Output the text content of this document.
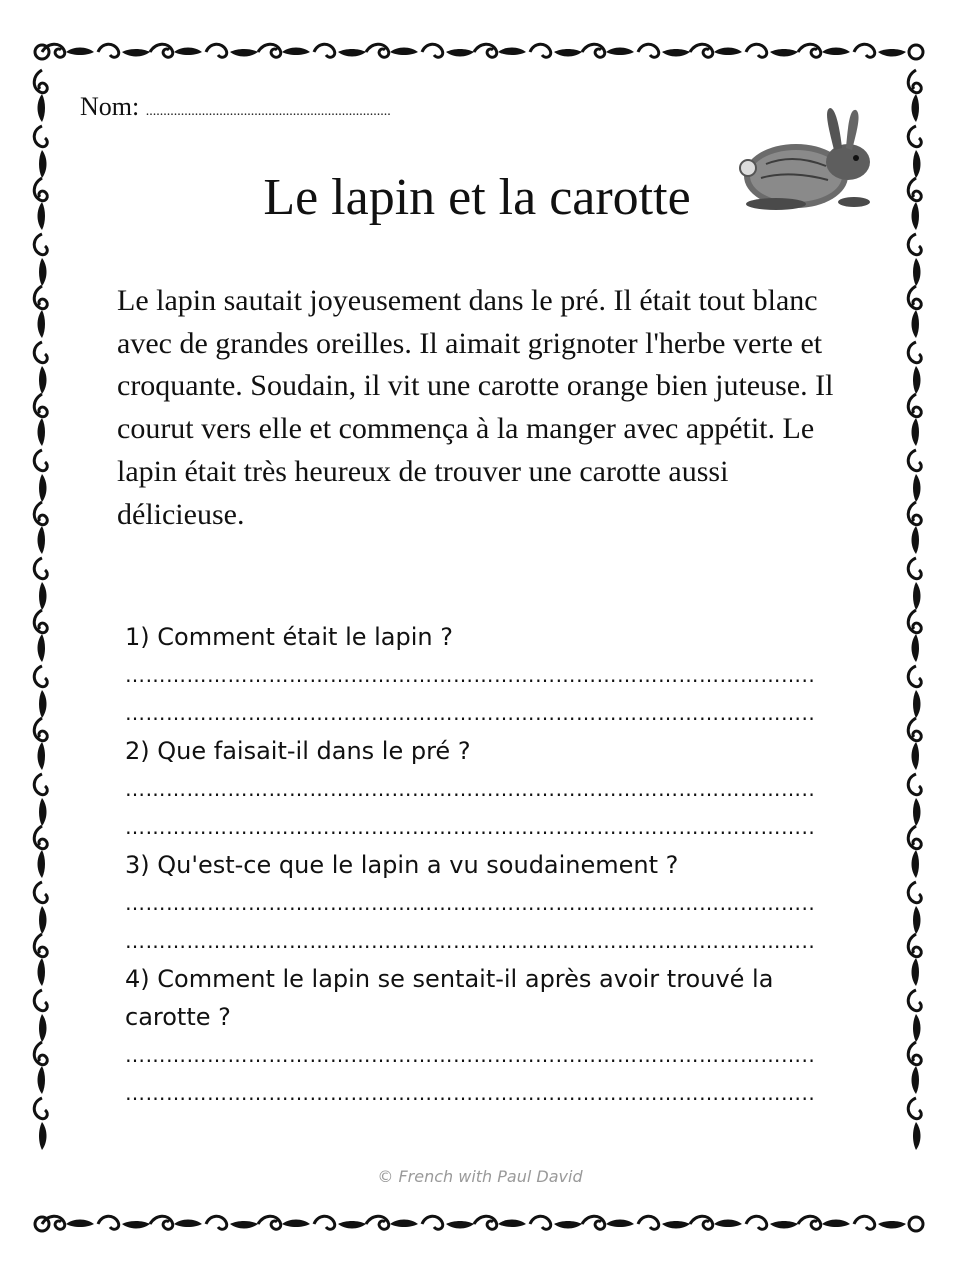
Nom: ......................................................................
Le lapin et la carotte
Le lapin sautait joyeusement dans le pré. Il était tout blanc avec de grandes oreilles. Il aimait grignoter l'herbe verte et croquante. Soudain, il vit une carotte orange bien juteuse. Il courut vers elle et commença à la manger avec appétit. Le lapin était très heureux de trouver une carotte aussi délicieuse.

1) Comment était le lapin ?

………………………………………………………………………………………..
………………………………………………………………………………………..

2) Que faisait-il dans le pré ?

………………………………………………………………………………………..
………………………………………………………………………………………..

3) Qu'est-ce que le lapin a vu soudainement ?

………………………………………………………………………………………..
………………………………………………………………………………………..

4) Comment le lapin se sentait-il après avoir trouvé la carotte ?

………………………………………………………………………………………..
………………………………………………………………………………………..
© French with Paul David
